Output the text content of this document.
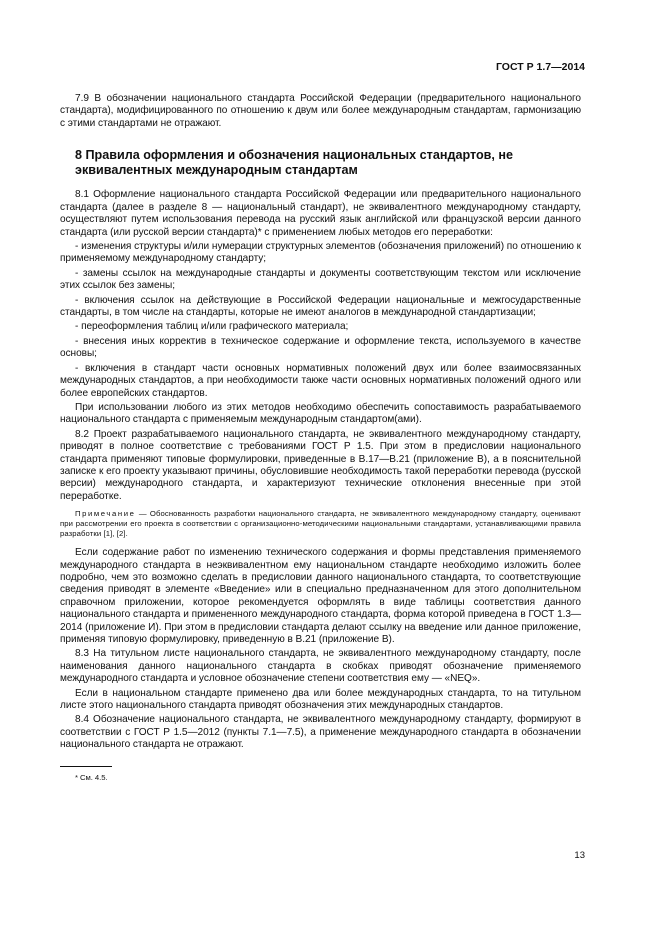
ГОСТ Р 1.7—2014

7.9 В обозначении национального стандарта Российской Федерации (предварительного национального стандарта), модифицированного по отношению к двум или более международным стандартам, гармонизацию с этими стандартами не отражают.

8 Правила оформления и обозначения национальных стандартов, не эквивалентных международным стандартам

8.1 Оформление национального стандарта Российской Федерации или предварительного национального стандарта (далее в разделе 8 — национальный стандарт), не эквивалентного международному стандарту, осуществляют путем использования перевода на русский язык английской или французской версии данного стандарта (или русской версии стандарта)* с применением любых методов его переработки:

- изменения структуры и/или нумерации структурных элементов (обозначения приложений) по отношению к применяемому международному стандарту;

- замены ссылок на международные стандарты и документы соответствующим текстом или исключение этих ссылок без замены;

- включения ссылок на действующие в Российской Федерации национальные и межгосударственные стандарты, в том числе на стандарты, которые не имеют аналогов в международной стандартизации;

- переоформления таблиц и/или графического материала;

- внесения иных корректив в техническое содержание и оформление текста, используемого в качестве основы;

- включения в стандарт части основных нормативных положений двух или более взаимосвязанных международных стандартов, а при необходимости также части основных нормативных положений одного или более европейских стандартов.

При использовании любого из этих методов необходимо обеспечить сопоставимость разрабатываемого национального стандарта с применяемым международным стандартом(ами).

8.2 Проект разрабатываемого национального стандарта, не эквивалентного международному стандарту, приводят в полное соответствие с требованиями ГОСТ Р 1.5. При этом в предисловии национального стандарта применяют типовые формулировки, приведенные в В.17—В.21 (приложение В), а в пояснительной записке к его проекту указывают причины, обусловившие необходимость такой переработки перевода (русской версии) международного стандарта, и характеризуют технические отклонения внесенные при этой переработке.

Примечание — Обоснованность разработки национального стандарта, не эквивалентного международному стандарту, оценивают при рассмотрении его проекта в соответствии с организационно-методическими национальными стандартами, устанавливающими правила разработки [1], [2].

Если содержание работ по изменению технического содержания и формы представления применяемого международного стандарта в неэквивалентном ему национальном стандарте необходимо изложить более подробно, чем это возможно сделать в предисловии данного национального стандарта, то соответствующие сведения приводят в элементе «Введение» или в специально предназначенном для этого дополнительном справочном приложении, которое рекомендуется оформлять в виде таблицы соответствия данного национального стандарта и примененного международного стандарта, форма которой приведена в ГОСТ 1.3—2014 (приложение И). При этом в предисловии стандарта делают ссылку на введение или данное приложение, применяя типовую формулировку, приведенную в В.21 (приложение В).

8.3 На титульном листе национального стандарта, не эквивалентного международному стандарту, после наименования данного национального стандарта в скобках приводят обозначение применяемого международного стандарта и условное обозначение степени соответствия ему — «NEQ».

Если в национальном стандарте применено два или более международных стандарта, то на титульном листе этого национального стандарта приводят обозначения этих международных стандартов.

8.4 Обозначение национального стандарта, не эквивалентного международному стандарту, формируют в соответствии с ГОСТ Р 1.5—2012 (пункты 7.1—7.5), а применение международного стандарта в обозначении национального стандарта не отражают.

* См. 4.5.

13
